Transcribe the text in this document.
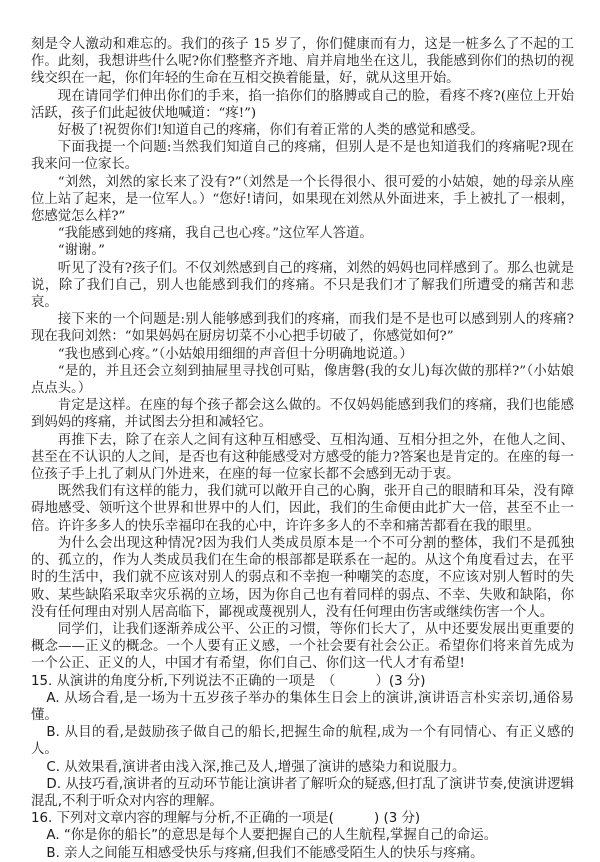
刻是令人激动和难忘的。我们的孩子 15 岁了，你们健康而有力，这是一桩多么了不起的工作。此刻，我想讲些什么呢?你们整整齐齐地、肩并肩地坐在这儿，我能感到你们的热切的视线交织在一起，你们年轻的生命在互相交换着能量，好，就从这里开始。

现在请同学们伸出你们的手来，掐一掐你们的胳膊或自己的脸，看疼不疼?(座位上开始活跃，孩子们此起彼伏地喊道：“疼!”)

好极了!祝贺你们!知道自己的疼痛，你们有着正常的人类的感觉和感受。

下面我提一个问题:当然我们知道自己的疼痛，但别人是不是也知道我们的疼痛呢?现在我来问一位家长。

“刘然，刘然的家长来了没有?”（刘然是一个长得很小、很可爱的小姑娘，她的母亲从座位上站了起来，是一位军人。）“您好!请问，如果现在刘然从外面进来，手上被扎了一根刺，您感觉怎么样?”

“我能感到她的疼痛，我自己也心疼。”这位军人答道。

“谢谢。”

听见了没有?孩子们。不仅刘然感到自己的疼痛，刘然的妈妈也同样感到了。那么也就是说，除了我们自己，别人也能感到我们的疼痛。不只是我们才了解我们所遭受的痛苦和悲哀。

接下来的一个问题是:别人能够感到我们的疼痛，而我们是不是也可以感到别人的疼痛?现在我问刘然：“如果妈妈在厨房切菜不小心把手切破了，你感觉如何?”

“我也感到心疼。”（小姑娘用细细的声音但十分明确地说道。）

“是的，并且还会立刻到抽屉里寻找创可贴，像唐磐(我的女儿)每次做的那样?”（小姑娘点点头。）

肯定是这样。在座的每个孩子都会这么做的。不仅妈妈能感到我们的疼痛，我们也能感到妈妈的疼痛，并试图去分担和减轻它。

再推下去，除了在亲人之间有这种互相感受、互相沟通、互相分担之外，在他人之间、甚至在不认识的人之间，是否也有这种能感受对方感受的能力?答案也是肯定的。在座的每一位孩子手上扎了刺从门外进来，在座的每一位家长都不会感到无动于衷。

既然我们有这样的能力，我们就可以敞开自己的心胸，张开自己的眼睛和耳朵，没有障碍地感受、领听这个世界和世界中的人们，因此，我们的生命便由此扩大一倍，甚至不止一倍。许许多多人的快乐幸福印在我的心中，许许多多人的不幸和痛苦都看在我的眼里。

为什么会出现这种情况?因为我们人类成员原本是一个不可分割的整体，我们不是孤独的、孤立的，作为人类成员我们在生命的根部都是联系在一起的。从这个角度看过去，在平时的生活中，我们就不应该对别人的弱点和不幸抱一种嘲笑的态度，不应该对别人暂时的失败、某些缺陷采取幸灾乐祸的立场，因为你自己也有着同样的弱点、不幸、失败和缺陷，你没有任何理由对别人居高临下，鄙视或蔑视别人，没有任何理由伤害或继续伤害一个人。

同学们，让我们逐渐养成公平、公正的习惯，等你们长大了，从中还要发展出更重要的概念——正义的概念。一个人要有正义感，一个社会要有社会公正。希望你们将来首先成为一个公正、正义的人，中国才有希望，你们自己、你们这一代人才有希望!

15. 从演讲的角度分析,下列说法不正确的一项是　（　　　）(3 分)

A. 从场合看,是一场为十五岁孩子举办的集体生日会上的演讲,演讲语言朴实亲切,通俗易懂。

B. 从目的看,是鼓励孩子做自己的船长,把握生命的航程,成为一个有同情心、有正义感的人。

C. 从效果看,演讲者由浅入深,推己及人,增强了演讲的感染力和说服力。

D. 从技巧看,演讲者的互动环节能让演讲者了解听众的疑惑,但打乱了演讲节奏,使演讲逻辑混乱,不利于听众对内容的理解。

16. 下列对文章内容的理解与分析,不正确的一项是(　　　) (3 分)

A. “你是你的船长”的意思是每个人要把握自己的人生航程,掌握自己的命运。

B. 亲人之间能互相感受快乐与疼痛,但我们不能感受陌生人的快乐与疼痛。
